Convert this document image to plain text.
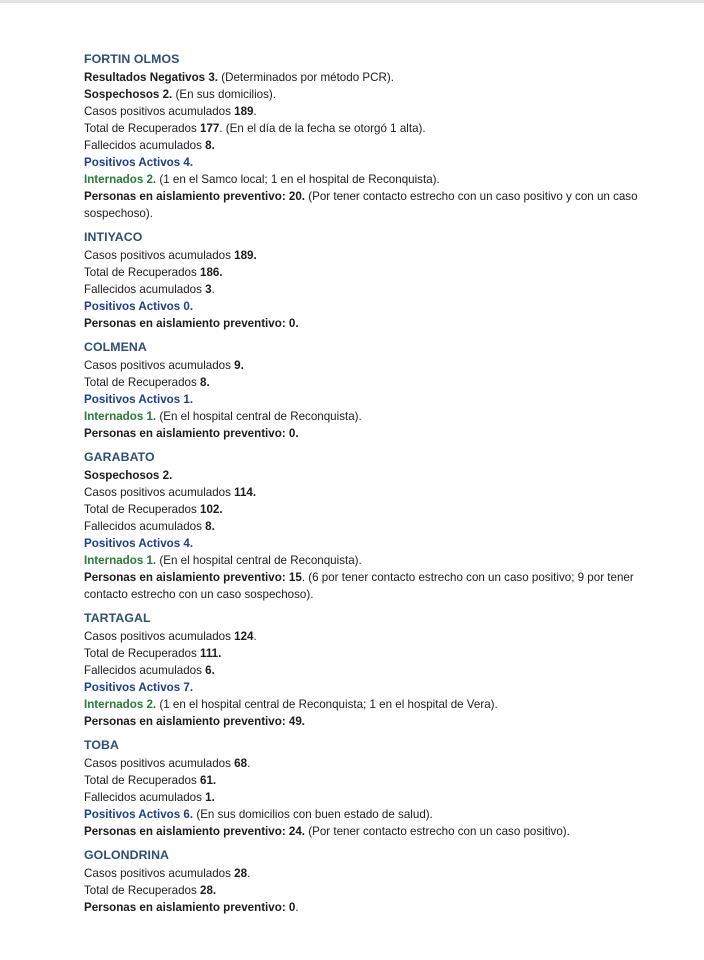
FORTIN OLMOS
Resultados Negativos 3. (Determinados por método PCR).
Sospechosos 2. (En sus domicilios).
Casos positivos acumulados 189.
Total de Recuperados 177. (En el día de la fecha se otorgó 1 alta).
Fallecidos acumulados 8.
Positivos Activos 4.
Internados 2. (1 en el Samco local; 1 en el hospital de Reconquista).
Personas en aislamiento preventivo: 20. (Por tener contacto estrecho con un caso positivo y con un caso sospechoso).
INTIYACO
Casos positivos acumulados 189.
Total de Recuperados 186.
Fallecidos acumulados 3.
Positivos Activos 0.
Personas en aislamiento preventivo: 0.
COLMENA
Casos positivos acumulados 9.
Total de Recuperados 8.
Positivos Activos 1.
Internados 1. (En el hospital central de Reconquista).
Personas en aislamiento preventivo: 0.
GARABATO
Sospechosos 2.
Casos positivos acumulados 114.
Total de Recuperados 102.
Fallecidos acumulados 8.
Positivos Activos 4.
Internados 1. (En el hospital central de Reconquista).
Personas en aislamiento preventivo: 15. (6 por tener contacto estrecho con un caso positivo; 9 por tener contacto estrecho con un caso sospechoso).
TARTAGAL
Casos positivos acumulados 124.
Total de Recuperados 111.
Fallecidos acumulados 6.
Positivos Activos 7.
Internados 2. (1 en el hospital central de Reconquista; 1 en el hospital de Vera).
Personas en aislamiento preventivo: 49.
TOBA
Casos positivos acumulados 68.
Total de Recuperados 61.
Fallecidos acumulados 1.
Positivos Activos 6. (En sus domicilios con buen estado de salud).
Personas en aislamiento preventivo: 24. (Por tener contacto estrecho con un caso positivo).
GOLONDRINA
Casos positivos acumulados 28.
Total de Recuperados 28.
Personas en aislamiento preventivo: 0.
